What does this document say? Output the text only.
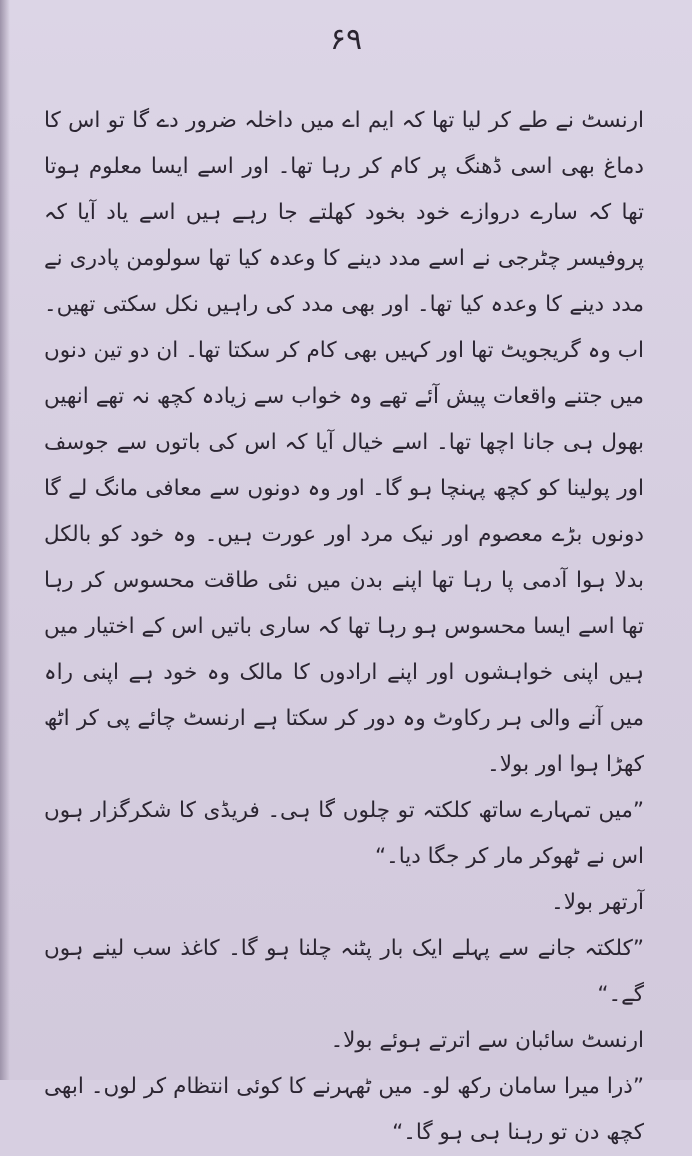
۶۹

ارنسٹ نے طے کر لیا تھا کہ ایم اے میں داخلہ ضرور دے گا تو اس کا دماغ بھی اسی ڈھنگ پر کام کر رہا تھا۔ اور اسے ایسا معلوم ہوتا تھا کہ سارے دروازے خود بخود کھلتے جا رہے ہیں اسے یاد آیا کہ پروفیسر چٹرجی نے اسے مدد دینے کا وعدہ کیا تھا سولومن پادری نے مدد دینے کا وعدہ کیا تھا۔ اور بھی مدد کی راہیں نکل سکتی تھیں۔ اب وہ گریجویٹ تھا اور کہیں بھی کام کر سکتا تھا۔ ان دو تین دنوں میں جتنے واقعات پیش آئے تھے وہ خواب سے زیادہ کچھ نہ تھے انھیں بھول ہی جانا اچھا تھا۔ اسے خیال آیا کہ اس کی باتوں سے جوسف اور پولینا کو کچھ پہنچا ہو گا۔ اور وہ دونوں سے معافی مانگ لے گا دونوں بڑے معصوم اور نیک مرد اور عورت ہیں۔ وہ خود کو بالکل بدلا ہوا آدمی پا رہا تھا اپنے بدن میں نئی طاقت محسوس کر رہا تھا اسے ایسا محسوس ہو رہا تھا کہ ساری باتیں اس کے اختیار میں ہیں اپنی خواہشوں اور اپنے ارادوں کا مالک وہ خود ہے اپنی راہ میں آنے والی ہر رکاوٹ وہ دور کر سکتا ہے ارنسٹ چائے پی کر اٹھ کھڑا ہوا اور بولا۔

”میں تمہارے ساتھ کلکتہ تو چلوں گا ہی۔ فریڈی کا شکرگزار ہوں اس نے ٹھوکر مار کر جگا دیا۔“

آرتھر بولا۔

”کلکتہ جانے سے پہلے ایک بار پٹنہ چلنا ہو گا۔ کاغذ سب لینے ہوں گے۔“

ارنسٹ سائبان سے اترتے ہوئے بولا۔

”ذرا میرا سامان رکھ لو۔ میں ٹھہرنے کا کوئی انتظام کر لوں۔ ابھی کچھ دن تو رہنا ہی ہو گا۔“
